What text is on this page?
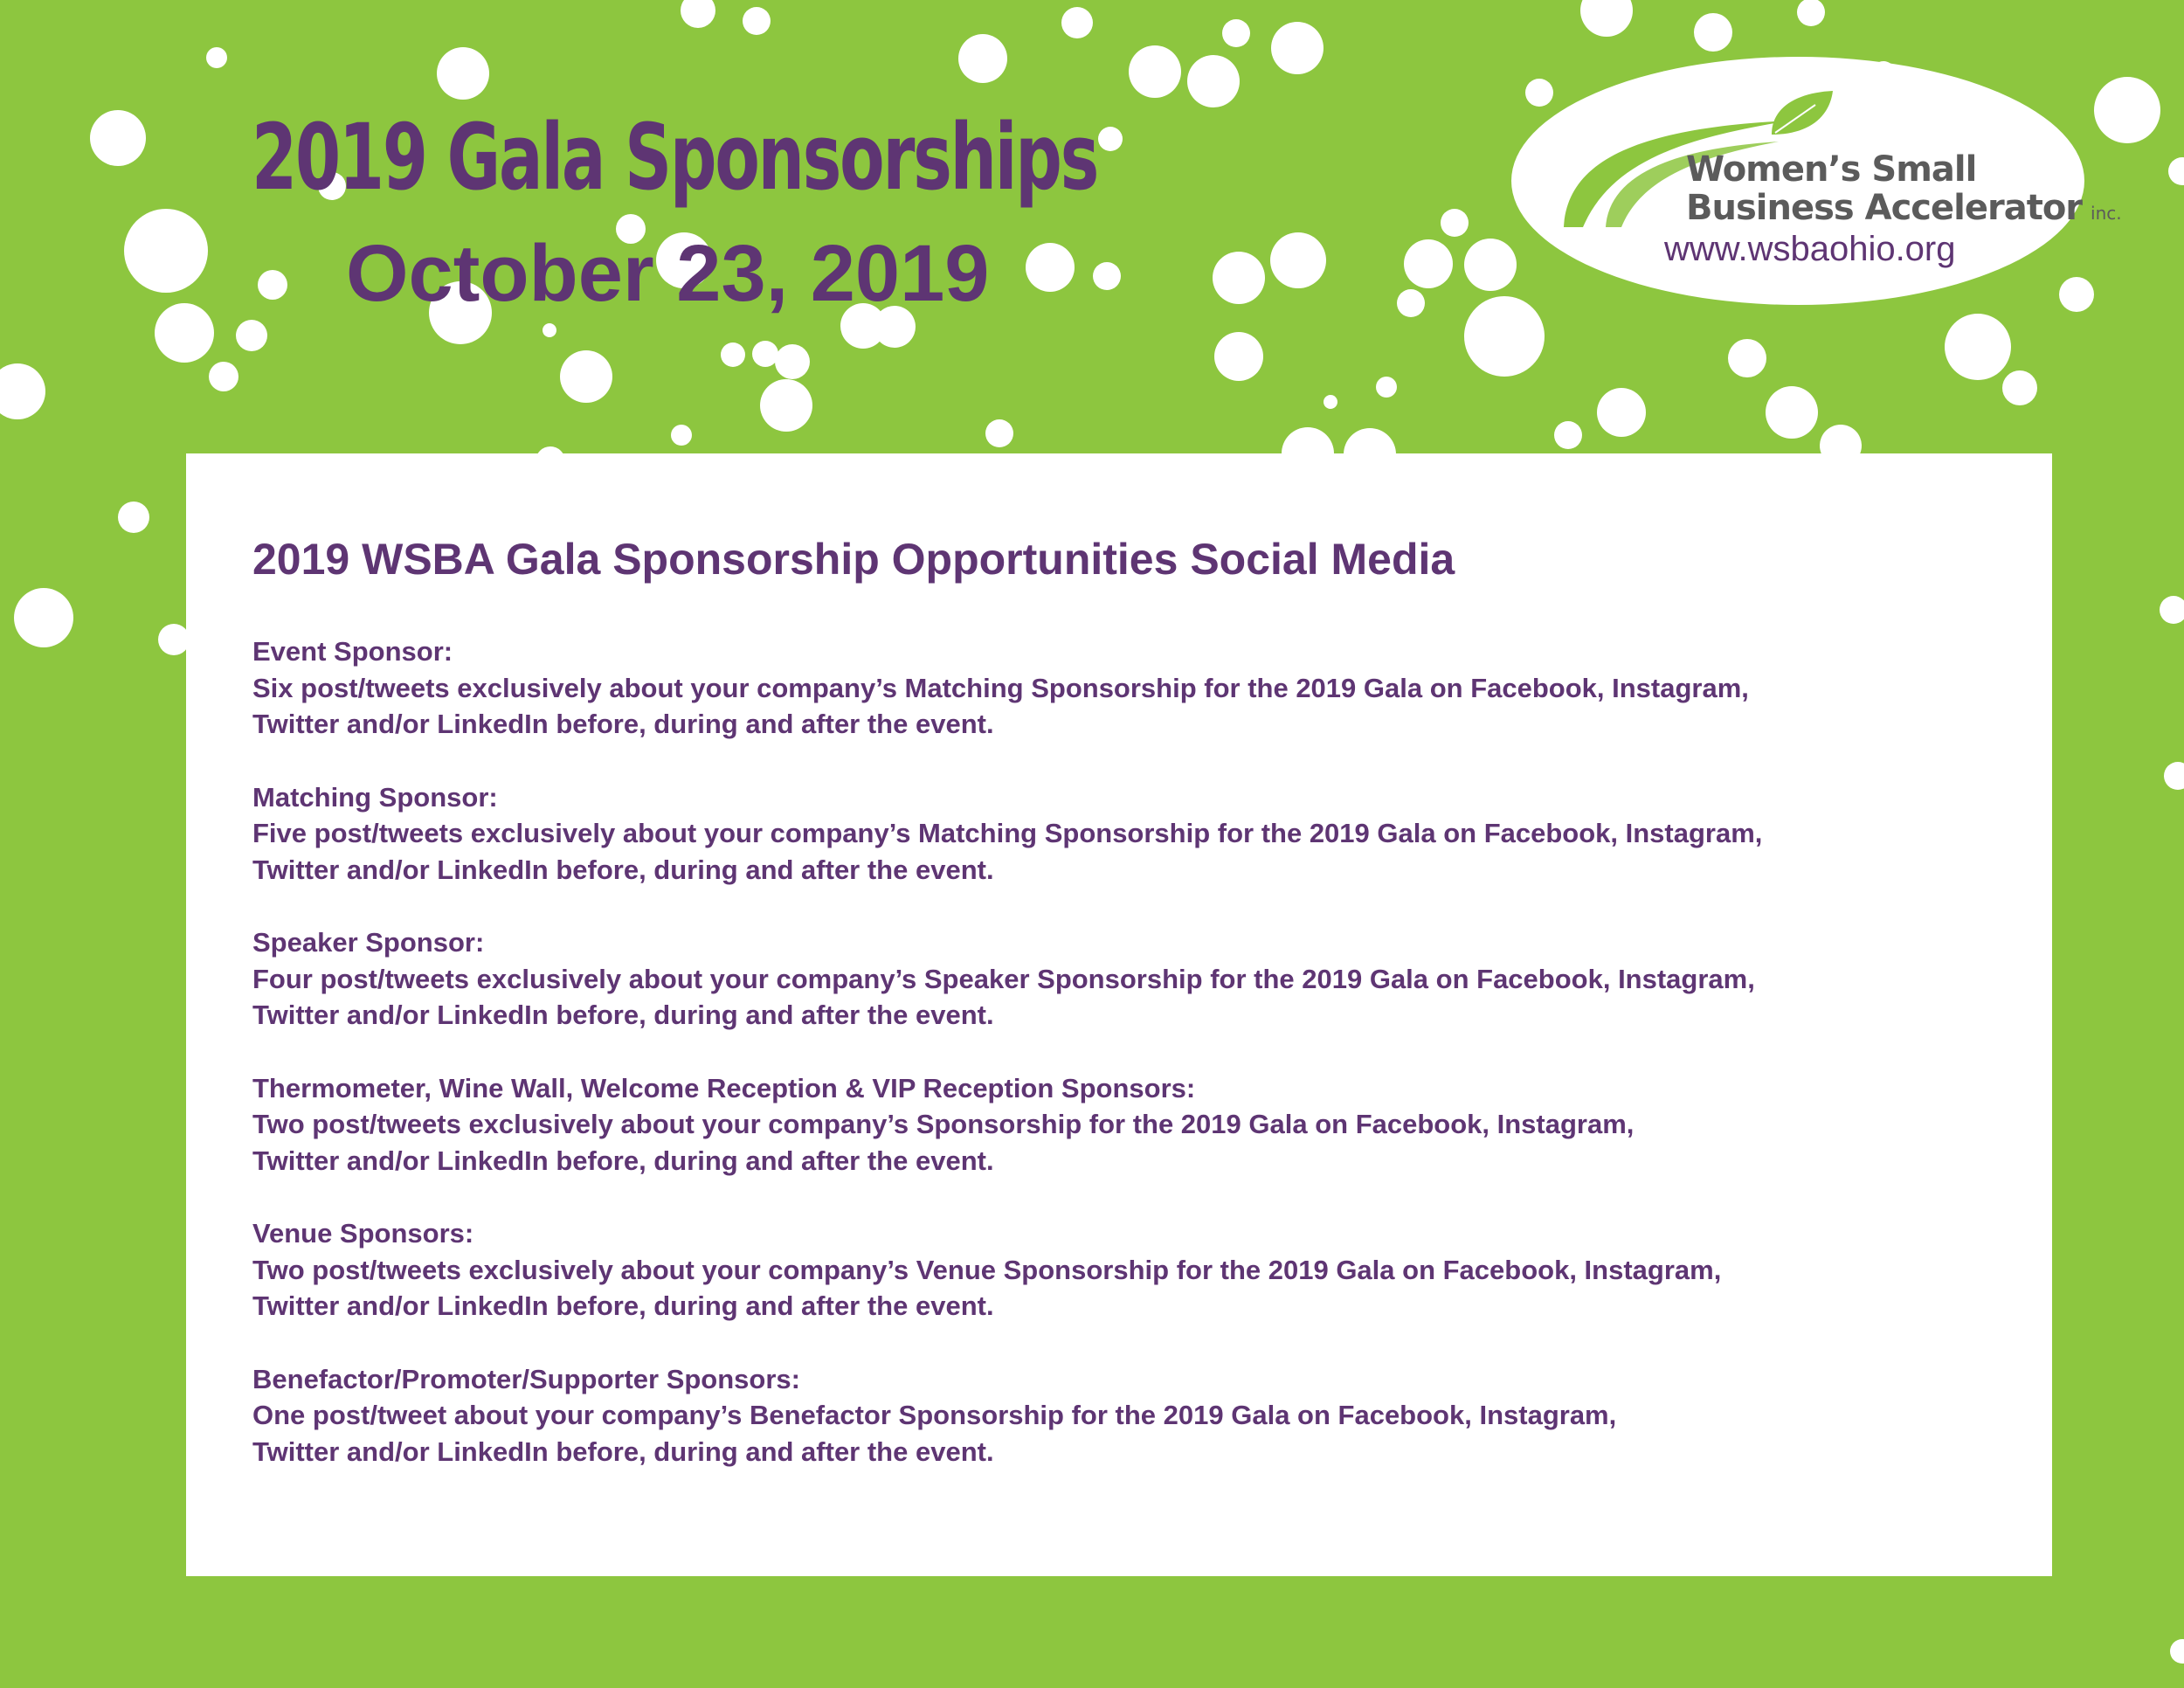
2019 Gala Sponsorships
October 23, 2019

Women’s Small
Business Accelerator inc.

www.wsbaohio.org

2019 WSBA Gala Sponsorship Opportunities Social Media

Event Sponsor:

Six post/tweets exclusively about your company’s Matching Sponsorship for the 2019 Gala on Facebook, Instagram,

Twitter and/or LinkedIn before, during and after the event.

Matching Sponsor:

Five post/tweets exclusively about your company’s Matching Sponsorship for the 2019 Gala on Facebook, Instagram,

Twitter and/or LinkedIn before, during and after the event.

Speaker Sponsor:

Four post/tweets exclusively about your company’s Speaker Sponsorship for the 2019 Gala on Facebook, Instagram,

Twitter and/or LinkedIn before, during and after the event.

Thermometer, Wine Wall, Welcome Reception & VIP Reception Sponsors:

Two post/tweets exclusively about your company’s Sponsorship for the 2019 Gala on Facebook, Instagram,

Twitter and/or LinkedIn before, during and after the event.

Venue Sponsors:

Two post/tweets exclusively about your company’s Venue Sponsorship for the 2019 Gala on Facebook, Instagram,

Twitter and/or LinkedIn before, during and after the event.

Benefactor/Promoter/Supporter Sponsors:

One post/tweet about your company’s Benefactor Sponsorship for the 2019 Gala on Facebook, Instagram,

Twitter and/or LinkedIn before, during and after the event.
